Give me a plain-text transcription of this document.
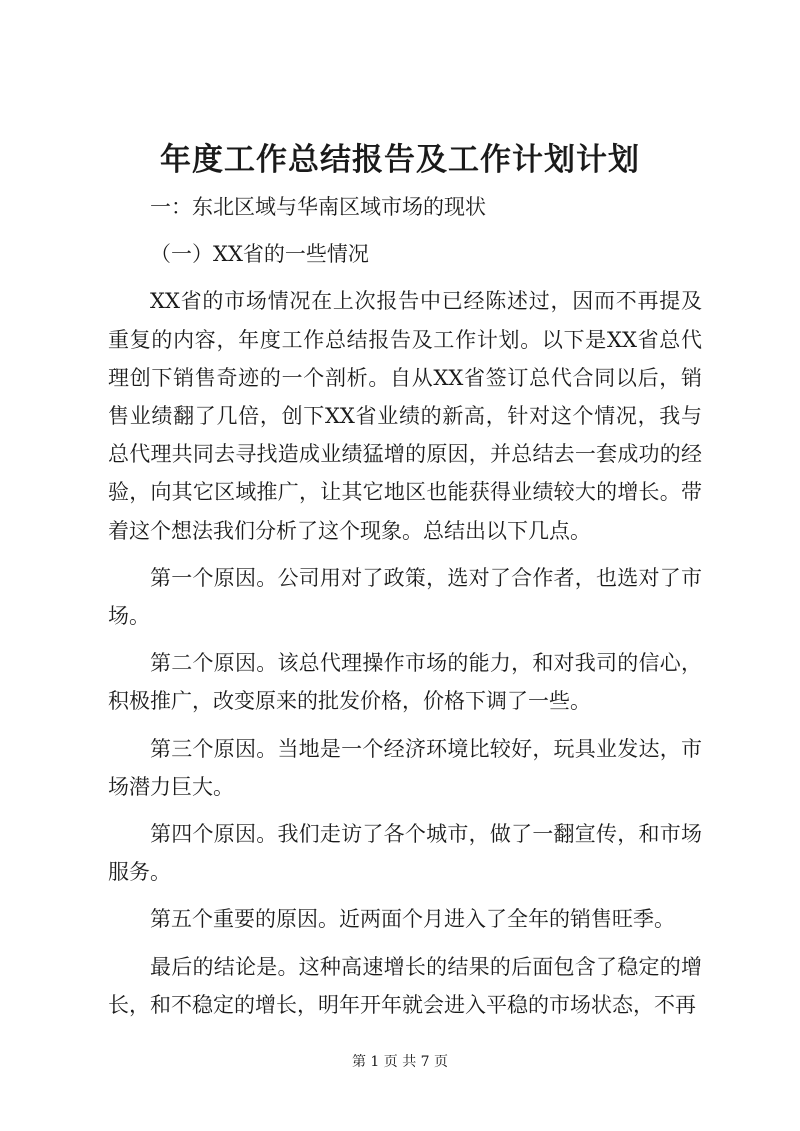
年度工作总结报告及工作计划计划

一：东北区域与华南区域市场的现状

（一）XX省的一些情况

XX省的市场情况在上次报告中已经陈述过，因而不再提及重复的内容，年度工作总结报告及工作计划。以下是XX省总代理创下销售奇迹的一个剖析。自从XX省签订总代合同以后，销售业绩翻了几倍，创下XX省业绩的新高，针对这个情况，我与总代理共同去寻找造成业绩猛增的原因，并总结去一套成功的经验，向其它区域推广，让其它地区也能获得业绩较大的增长。带着这个想法我们分析了这个现象。总结出以下几点。

第一个原因。公司用对了政策，选对了合作者，也选对了市场。

第二个原因。该总代理操作市场的能力，和对我司的信心，积极推广，改变原来的批发价格，价格下调了一些。

第三个原因。当地是一个经济环境比较好，玩具业发达，市场潜力巨大。

第四个原因。我们走访了各个城市，做了一翻宣传，和市场服务。

第五个重要的原因。近两面个月进入了全年的销售旺季。

最后的结论是。这种高速增长的结果的后面包含了稳定的增长，和不稳定的增长，明年开年就会进入平稳的市场状态，不再

第 1 页 共 7 页
